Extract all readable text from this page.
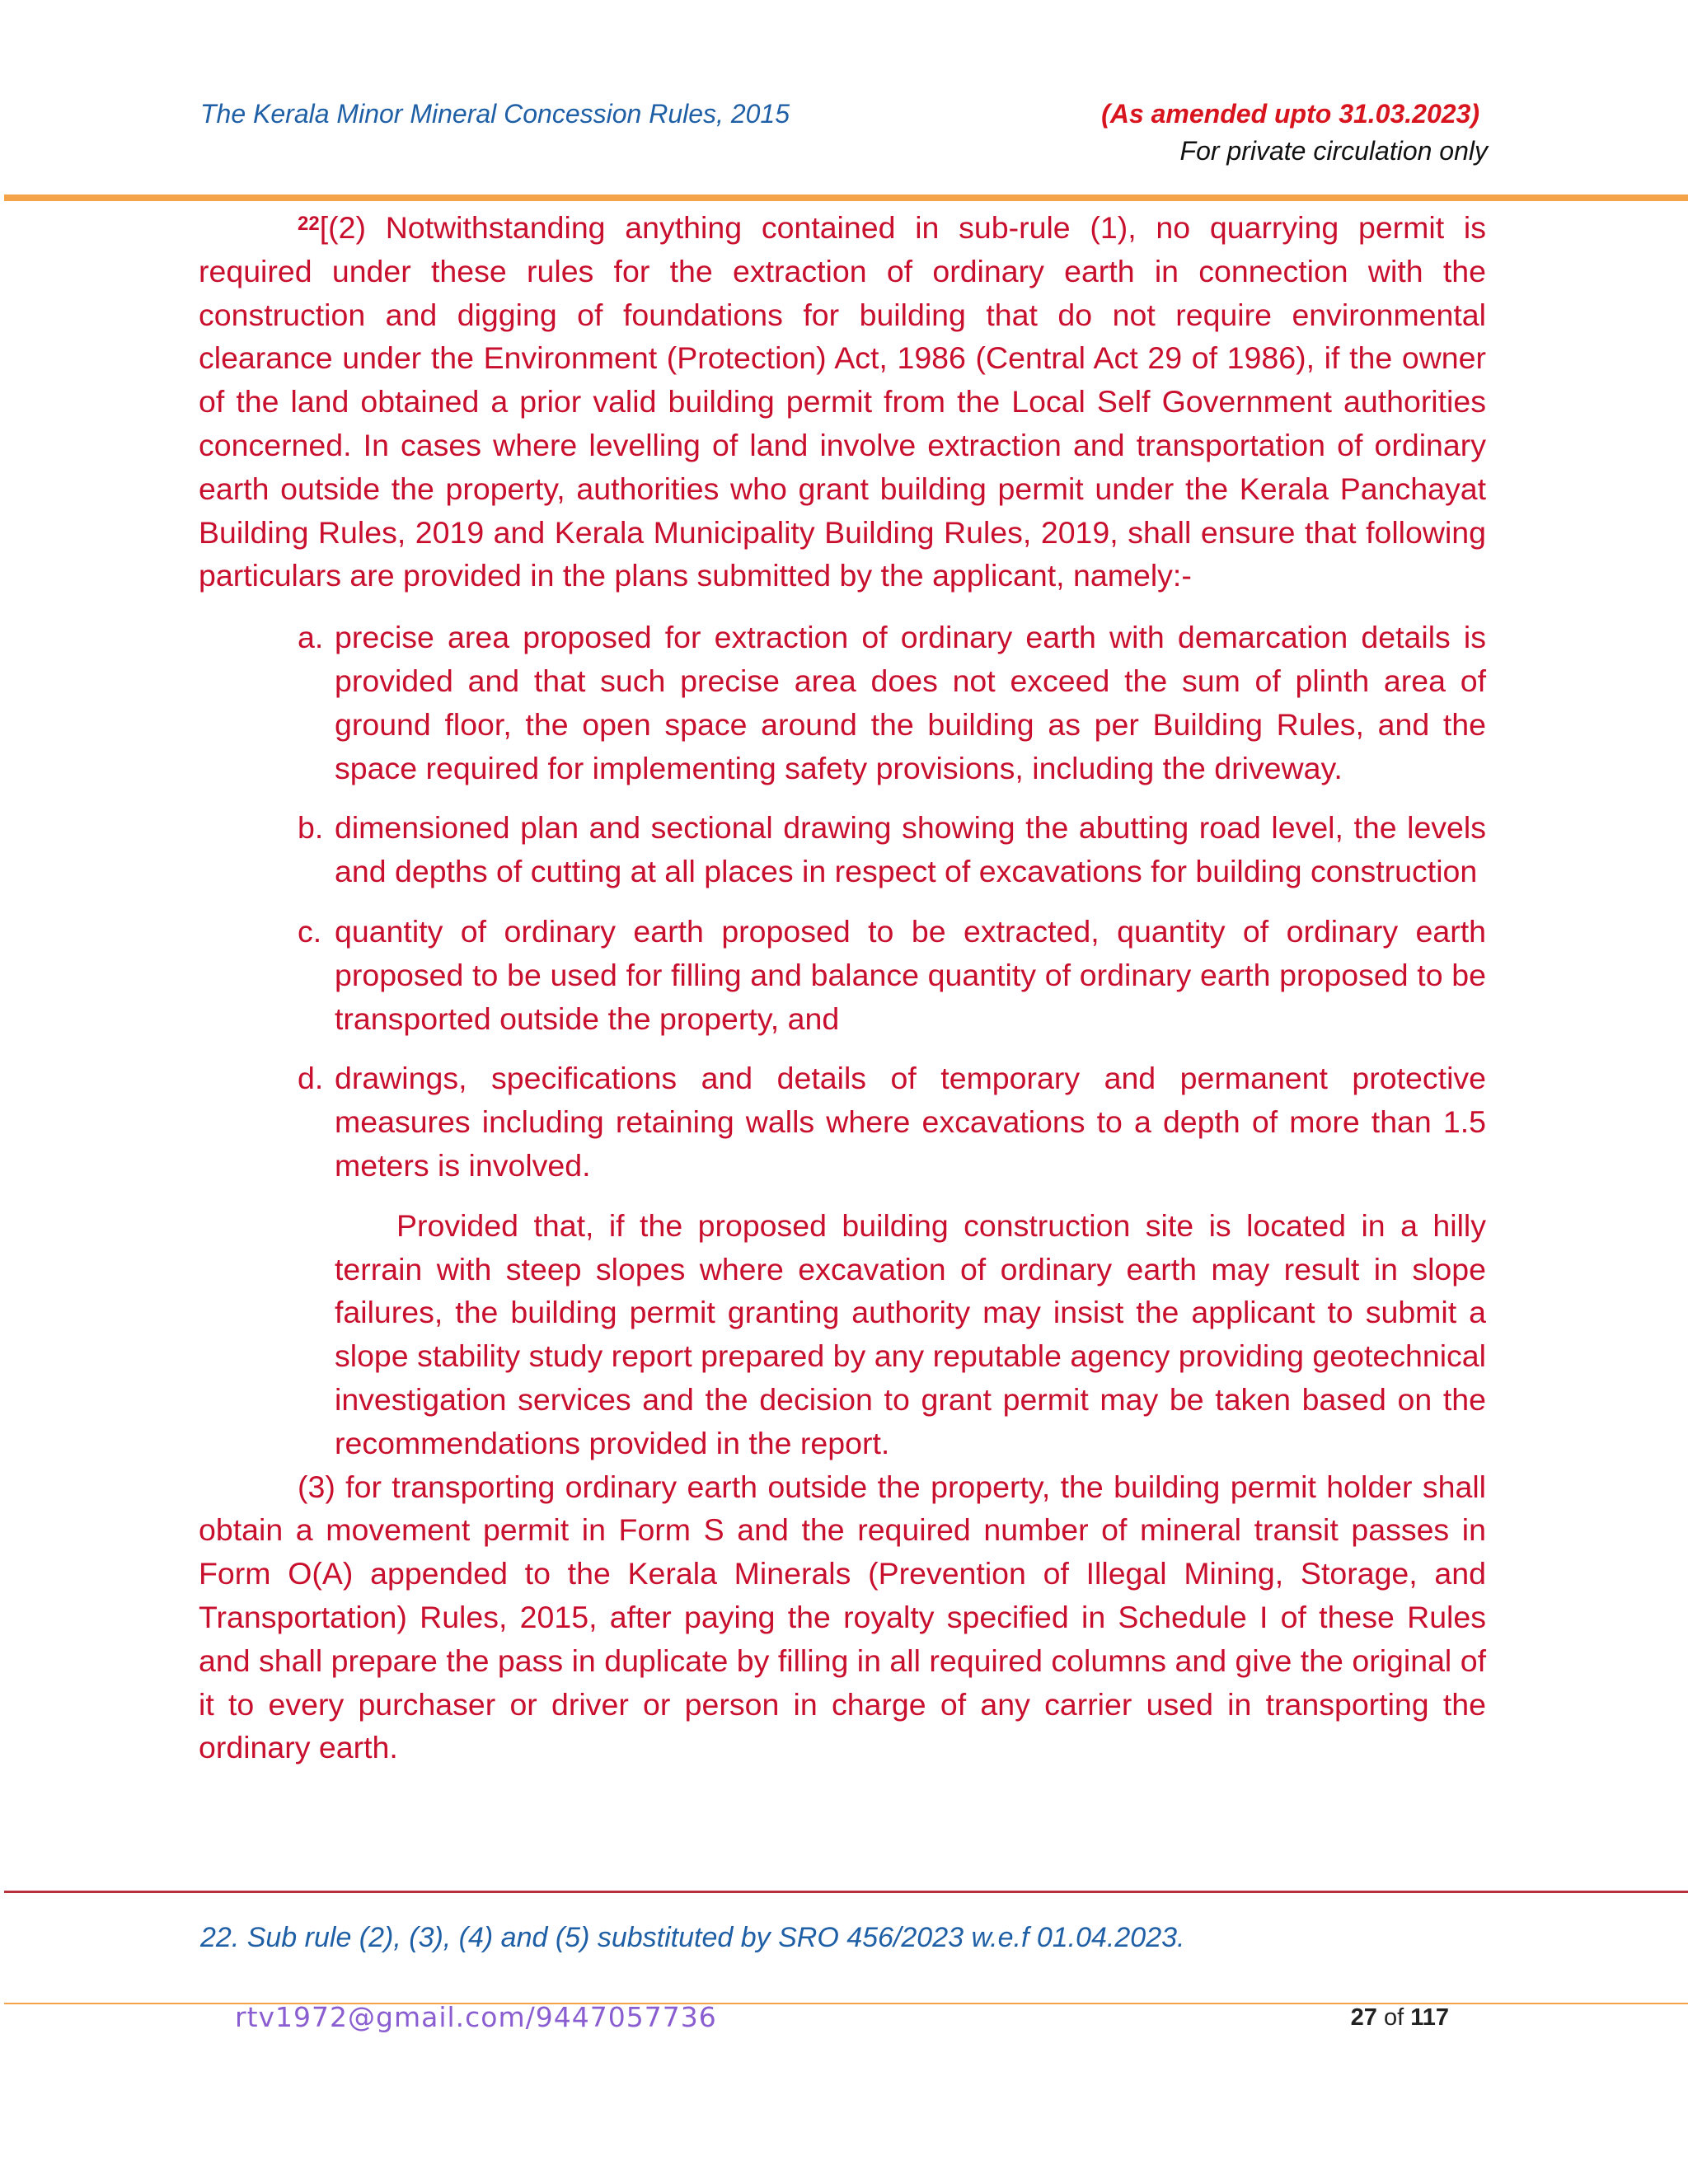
The Kerala Minor Mineral Concession Rules, 2015	(As amended upto 31.03.2023)
For private circulation only

$^{22}$[(2) Notwithstanding anything contained in sub-rule (1), no quarrying permit is required under these rules for the extraction of ordinary earth in connection with the construction and digging of foundations for building that do not require environmental clearance under the Environment (Protection) Act, 1986 (Central Act 29 of 1986), if the owner of the land obtained a prior valid building permit from the Local Self Government authorities concerned. In cases where levelling of land involve extraction and transportation of ordinary earth outside the property, authorities who grant building permit under the Kerala Panchayat Building Rules, 2019 and Kerala Municipality Building Rules, 2019, shall ensure that following particulars are provided in the plans submitted by the applicant, namely:-

a. precise area proposed for extraction of ordinary earth with demarcation details is provided and that such precise area does not exceed the sum of plinth area of ground floor, the open space around the building as per Building Rules, and the space required for implementing safety provisions, including the driveway.
b. dimensioned plan and sectional drawing showing the abutting road level, the levels and depths of cutting at all places in respect of excavations for building construction
c. quantity of ordinary earth proposed to be extracted, quantity of ordinary earth proposed to be used for filling and balance quantity of ordinary earth proposed to be transported outside the property, and
d. drawings, specifications and details of temporary and permanent protective measures including retaining walls where excavations to a depth of more than 1.5 meters is involved.

Provided that, if the proposed building construction site is located in a hilly terrain with steep slopes where excavation of ordinary earth may result in slope failures, the building permit granting authority may insist the applicant to submit a slope stability study report prepared by any reputable agency providing geotechnical investigation services and the decision to grant permit may be taken based on the recommendations provided in the report.

(3) for transporting ordinary earth outside the property, the building permit holder shall obtain a movement permit in Form S and the required number of mineral transit passes in Form O(A) appended to the Kerala Minerals (Prevention of Illegal Mining, Storage, and Transportation) Rules, 2015, after paying the royalty specified in Schedule I of these Rules and shall prepare the pass in duplicate by filling in all required columns and give the original of it to every purchaser or driver or person in charge of any carrier used in transporting the ordinary earth.

22. Sub rule (2), (3), (4) and (5) substituted by SRO 456/2023 w.e.f 01.04.2023.
rtv1972@gmail.com/9447057736	27 of 117
